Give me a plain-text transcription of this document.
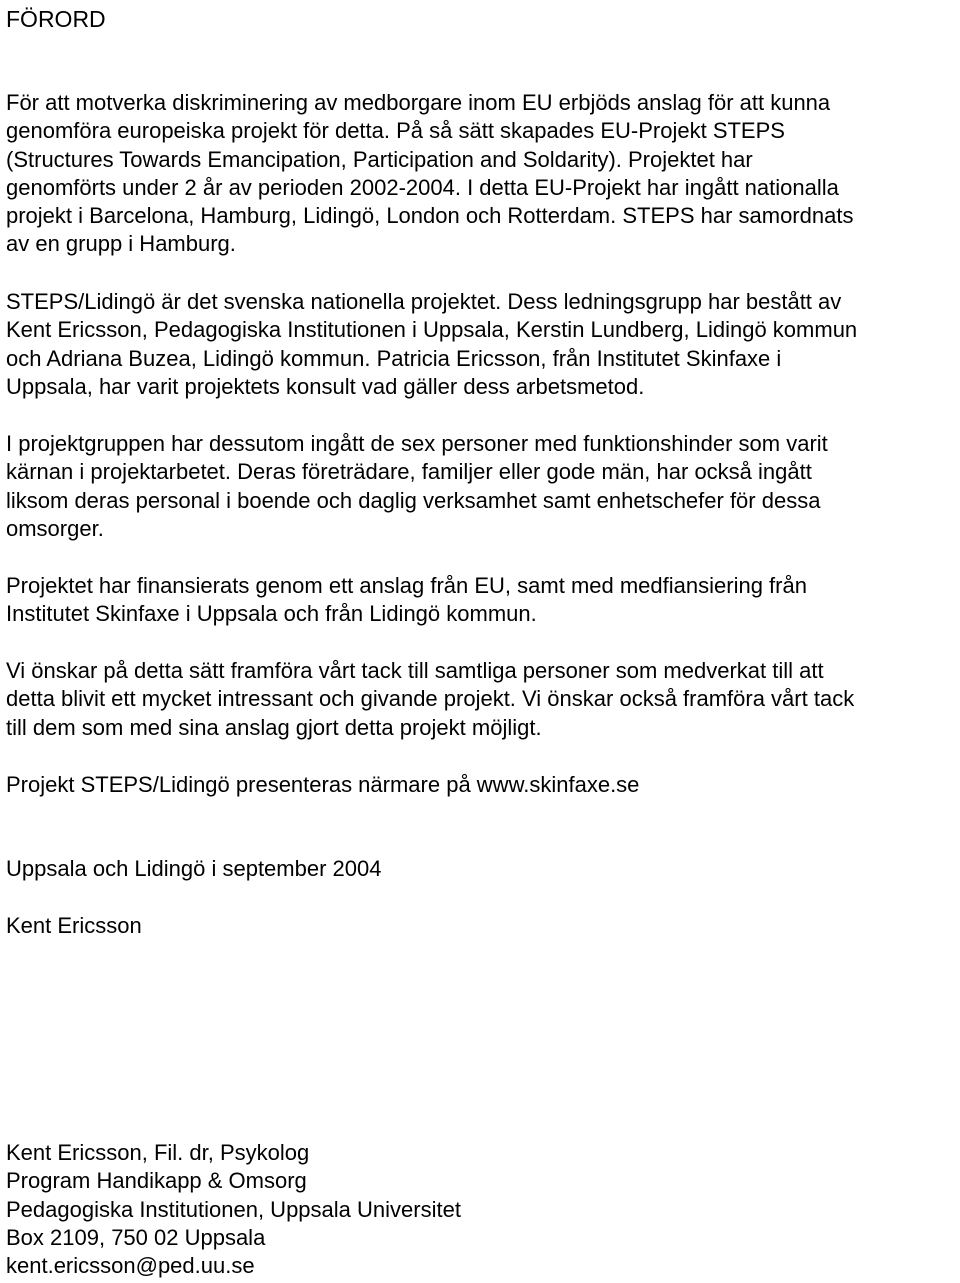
FÖRORD

För att motverka diskriminering av medborgare inom EU erbjöds anslag för att kunna
genomföra europeiska projekt för detta. På så sätt skapades EU-Projekt STEPS
(Structures Towards Emancipation, Participation and Soldarity). Projektet har
genomförts under 2 år av perioden 2002-2004. I detta EU-Projekt har ingått nationalla
projekt i Barcelona, Hamburg, Lidingö, London och Rotterdam. STEPS har samordnats
av en grupp i Hamburg.

STEPS/Lidingö är det svenska nationella projektet. Dess ledningsgrupp har bestått av
Kent Ericsson, Pedagogiska Institutionen i Uppsala, Kerstin Lundberg, Lidingö kommun
och Adriana Buzea, Lidingö kommun. Patricia Ericsson, från Institutet Skinfaxe i
Uppsala, har varit projektets konsult vad gäller dess arbetsmetod.

I projektgruppen har dessutom ingått de sex personer med funktionshinder som varit
kärnan i projektarbetet. Deras företrädare, familjer eller gode män, har också ingått
liksom deras personal i boende och daglig verksamhet samt enhetschefer för dessa
omsorger.

Projektet har finansierats genom ett anslag från EU, samt med medfiansiering från
Institutet Skinfaxe i Uppsala och från Lidingö kommun.

Vi önskar på detta sätt framföra vårt tack till samtliga personer som medverkat till att
detta blivit ett mycket intressant och givande projekt. Vi önskar också framföra vårt tack
till dem som med sina anslag gjort detta projekt möjligt.

Projekt STEPS/Lidingö presenteras närmare på www.skinfaxe.se

Uppsala och Lidingö i september 2004

Kent Ericsson

Kent Ericsson, Fil. dr, Psykolog
Program Handikapp & Omsorg
Pedagogiska Institutionen, Uppsala Universitet
Box 2109, 750 02 Uppsala
kent.ericsson@ped.uu.se
